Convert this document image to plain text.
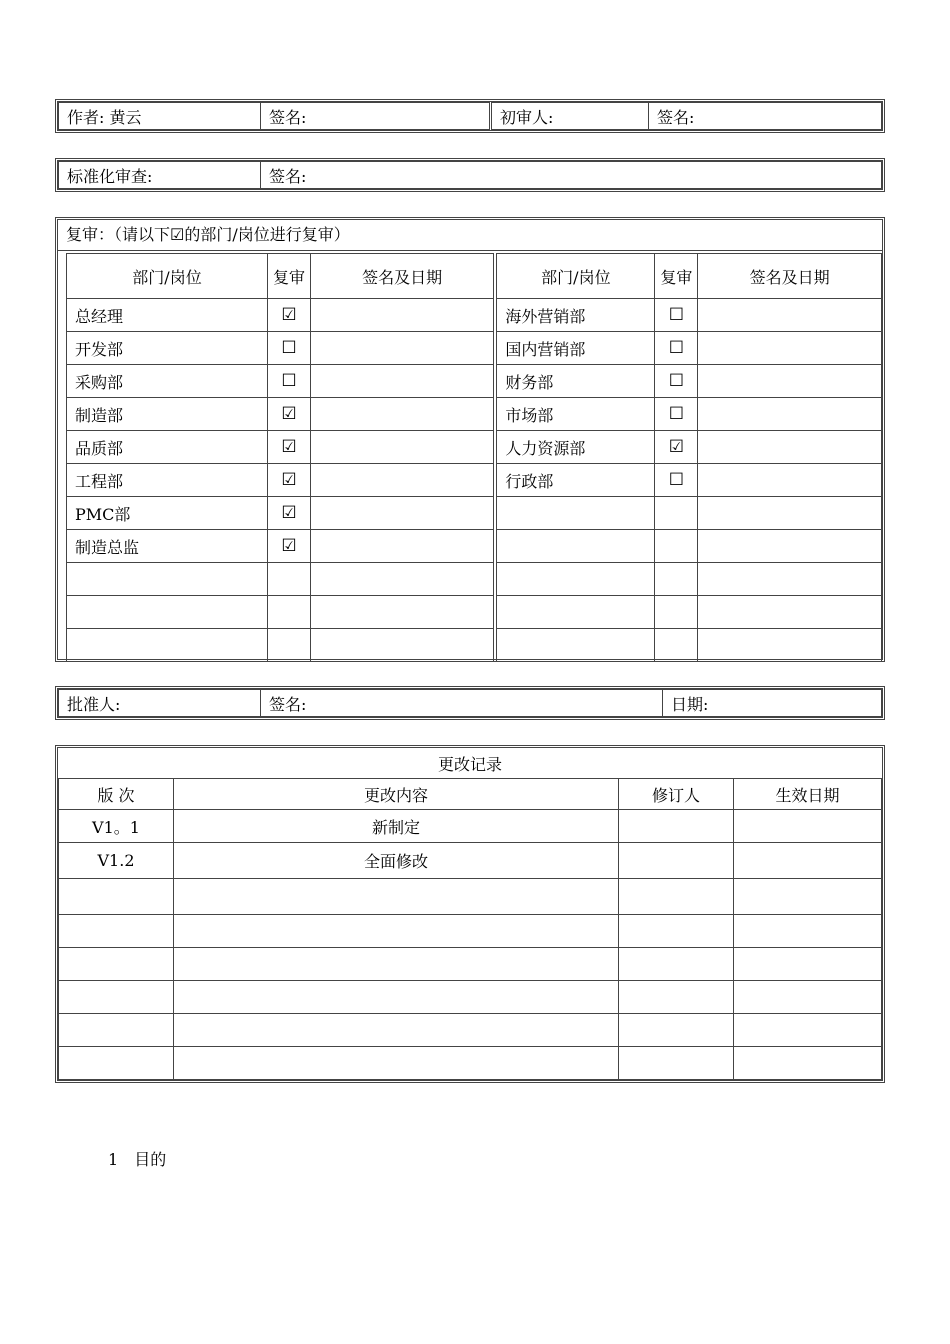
作者: 黄云	签名:	初审人:	签名:
标准化审查:	签名:
复审：（请以下☑的部门/岗位进行复审）
部门/岗位	复审	签名及日期
总经理	☑	
开发部	☐	
采购部	☐	
制造部	☑	
品质部	☑	
工程部	☑	
PMC部	☑	
制造总监	☑	

部门/岗位	复审	签名及日期
海外营销部	☐	
国内营销部	☐	
财务部	☐	
市场部	☐	
人力资源部	☑	
行政部	☐	

批准人:	签名:	日期:
更改记录			
版 次	更改内容	修订人	生效日期
V1。1	新制定		
V1.2	全面修改		

1 目的
